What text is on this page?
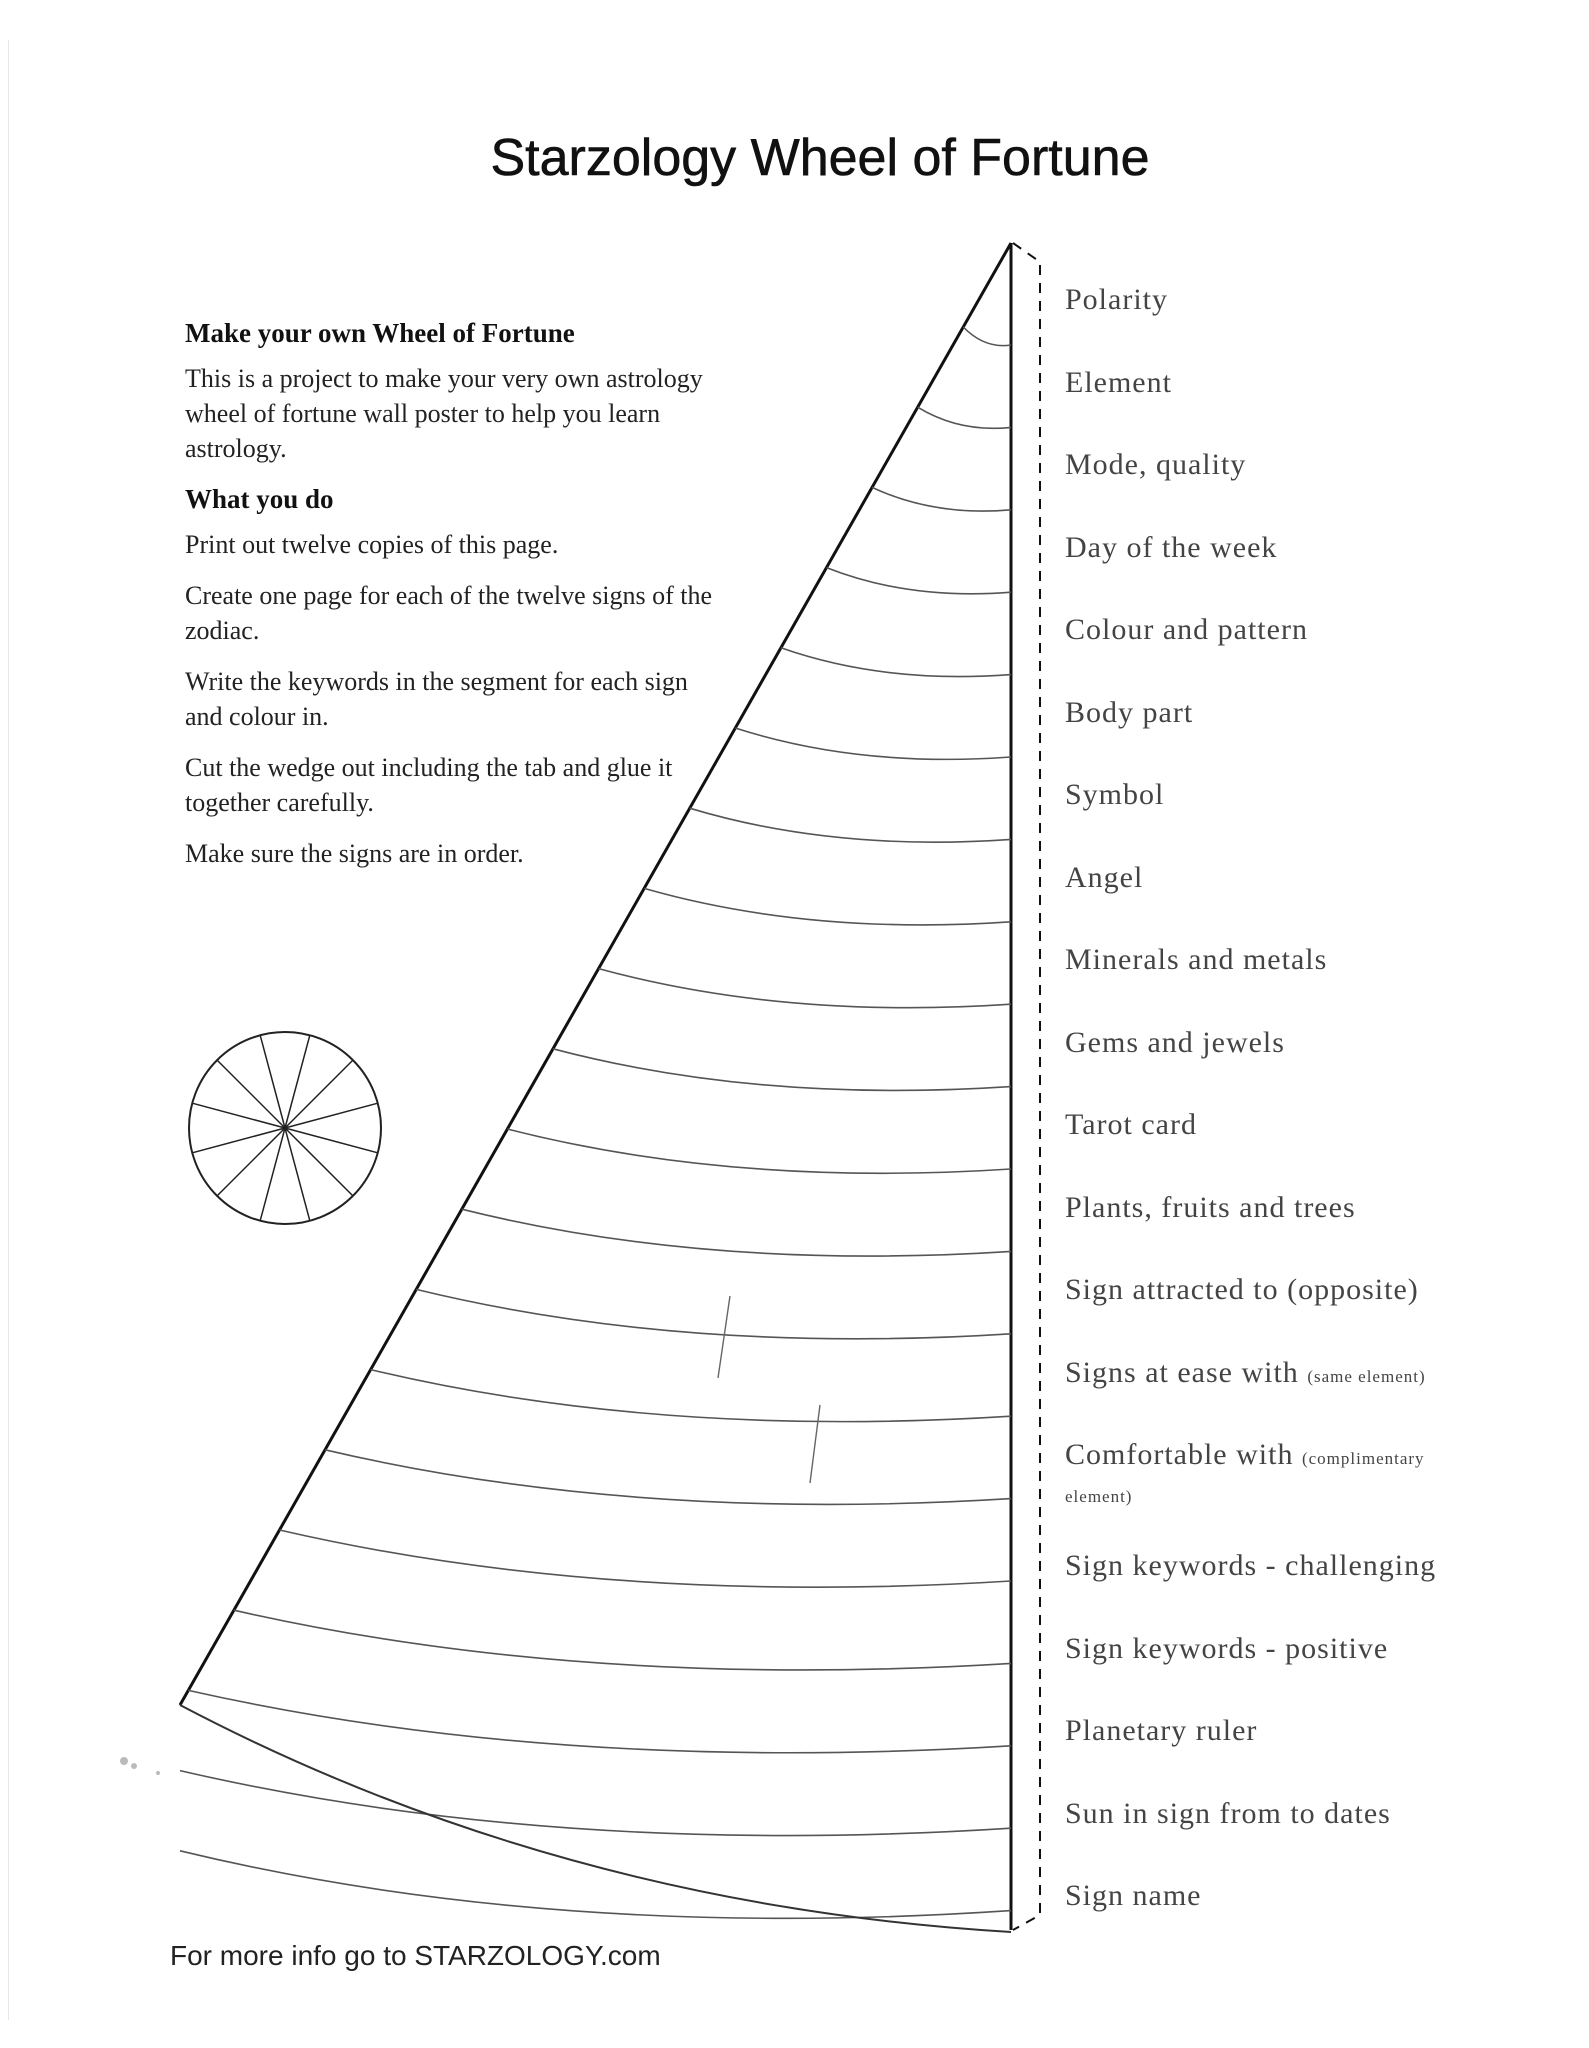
Starzology Wheel of Fortune
Make your own Wheel of Fortune

This is a project to make your very own astrology wheel of fortune wall poster to help you learn astrology.

What you do

Print out twelve copies of this page.

Create one page for each of the twelve signs of the zodiac.

Write the keywords in the segment for each sign and colour in.

Cut the wedge out including the tab and glue it together carefully.

Make sure the signs are in order.

Polarity
Element
Mode, quality
Day of the week
Colour and pattern
Body part
Symbol
Angel
Minerals and metals
Gems and jewels
Tarot card
Plants, fruits and trees
Sign attracted to (opposite)
Signs at ease with (same element)
Comfortable with (complimentary
element)
Sign keywords - challenging
Sign keywords - positive
Planetary ruler
Sun in sign from to dates
Sign name
For more info go to STARZOLOGY.com
